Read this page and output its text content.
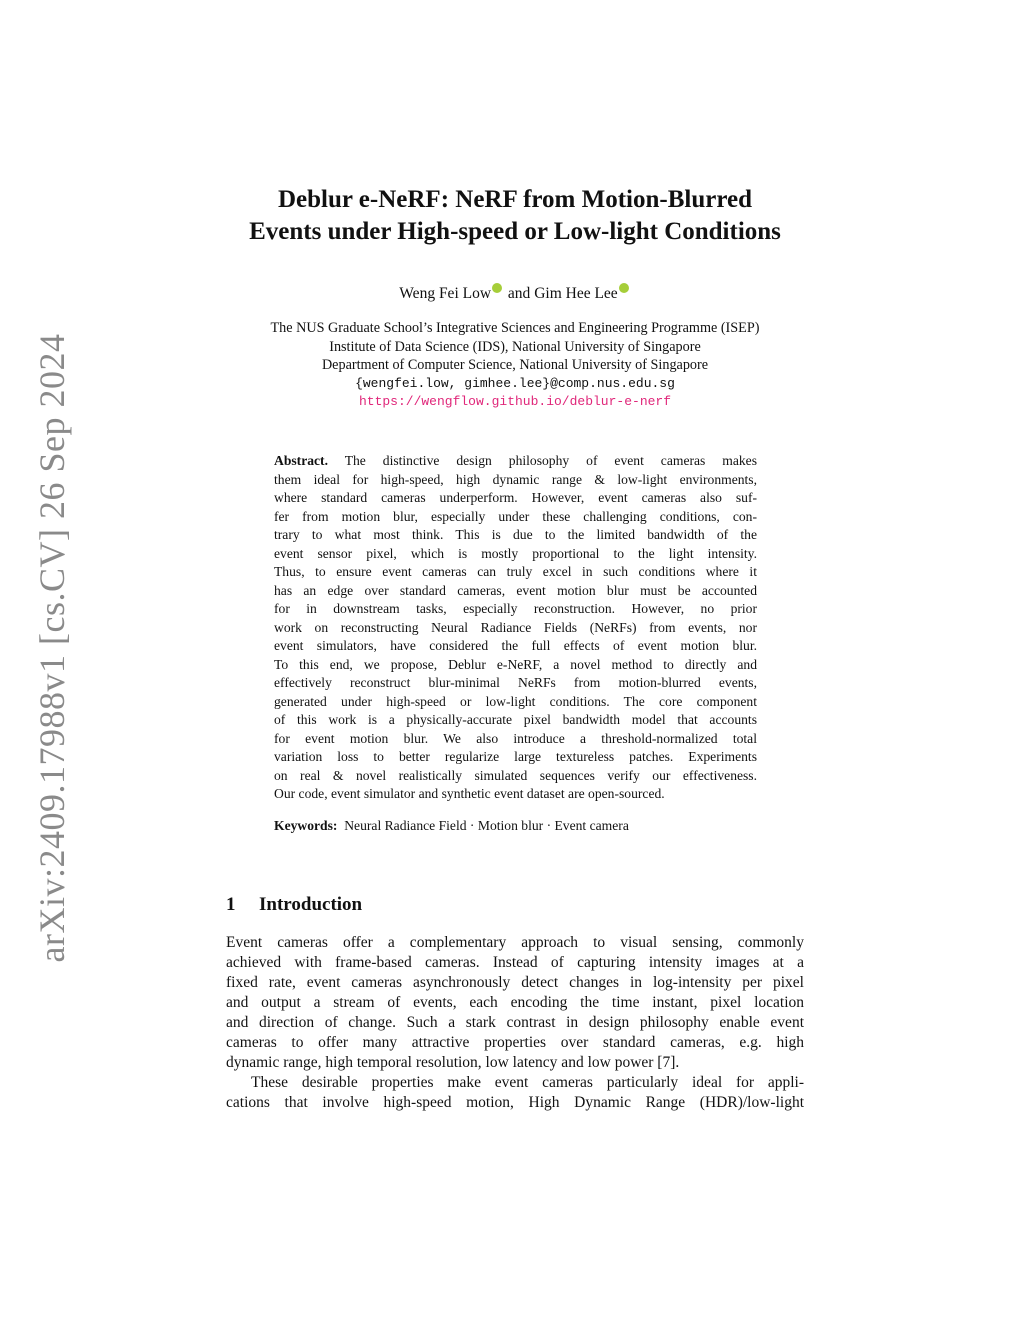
arXiv:2409.17988v1 [cs.CV] 26 Sep 2024
Deblur e-NeRF: NeRF from Motion-Blurred
Events under High-speed or Low-light Conditions
Weng Fei Low and Gim Hee Lee
The NUS Graduate School’s Integrative Sciences and Engineering Programme (ISEP)
Institute of Data Science (IDS), National University of Singapore
Department of Computer Science, National University of Singapore
{wengfei.low, gimhee.lee}@comp.nus.edu.sg
https://wengflow.github.io/deblur-e-nerf
Abstract. The distinctive design philosophy of event cameras makes
them ideal for high-speed, high dynamic range & low-light environments,
where standard cameras underperform. However, event cameras also suf-
fer from motion blur, especially under these challenging conditions, con-
trary to what most think. This is due to the limited bandwidth of the
event sensor pixel, which is mostly proportional to the light intensity.
Thus, to ensure event cameras can truly excel in such conditions where it
has an edge over standard cameras, event motion blur must be accounted
for in downstream tasks, especially reconstruction. However, no prior
work on reconstructing Neural Radiance Fields (NeRFs) from events, nor
event simulators, have considered the full effects of event motion blur.
To this end, we propose, Deblur e-NeRF, a novel method to directly and
effectively reconstruct blur-minimal NeRFs from motion-blurred events,
generated under high-speed or low-light conditions. The core component
of this work is a physically-accurate pixel bandwidth model that accounts
for event motion blur. We also introduce a threshold-normalized total
variation loss to better regularize large textureless patches. Experiments
on real & novel realistically simulated sequences verify our effectiveness.
Our code, event simulator and synthetic event dataset are open-sourced.
Keywords: Neural Radiance Field · Motion blur · Event camera
1 Introduction
Event cameras offer a complementary approach to visual sensing, commonly
achieved with frame-based cameras. Instead of capturing intensity images at a
fixed rate, event cameras asynchronously detect changes in log-intensity per pixel
and output a stream of events, each encoding the time instant, pixel location
and direction of change. Such a stark contrast in design philosophy enable event
cameras to offer many attractive properties over standard cameras, e.g. high
dynamic range, high temporal resolution, low latency and low power [7].
These desirable properties make event cameras particularly ideal for appli-
cations that involve high-speed motion, High Dynamic Range (HDR)/low-light
